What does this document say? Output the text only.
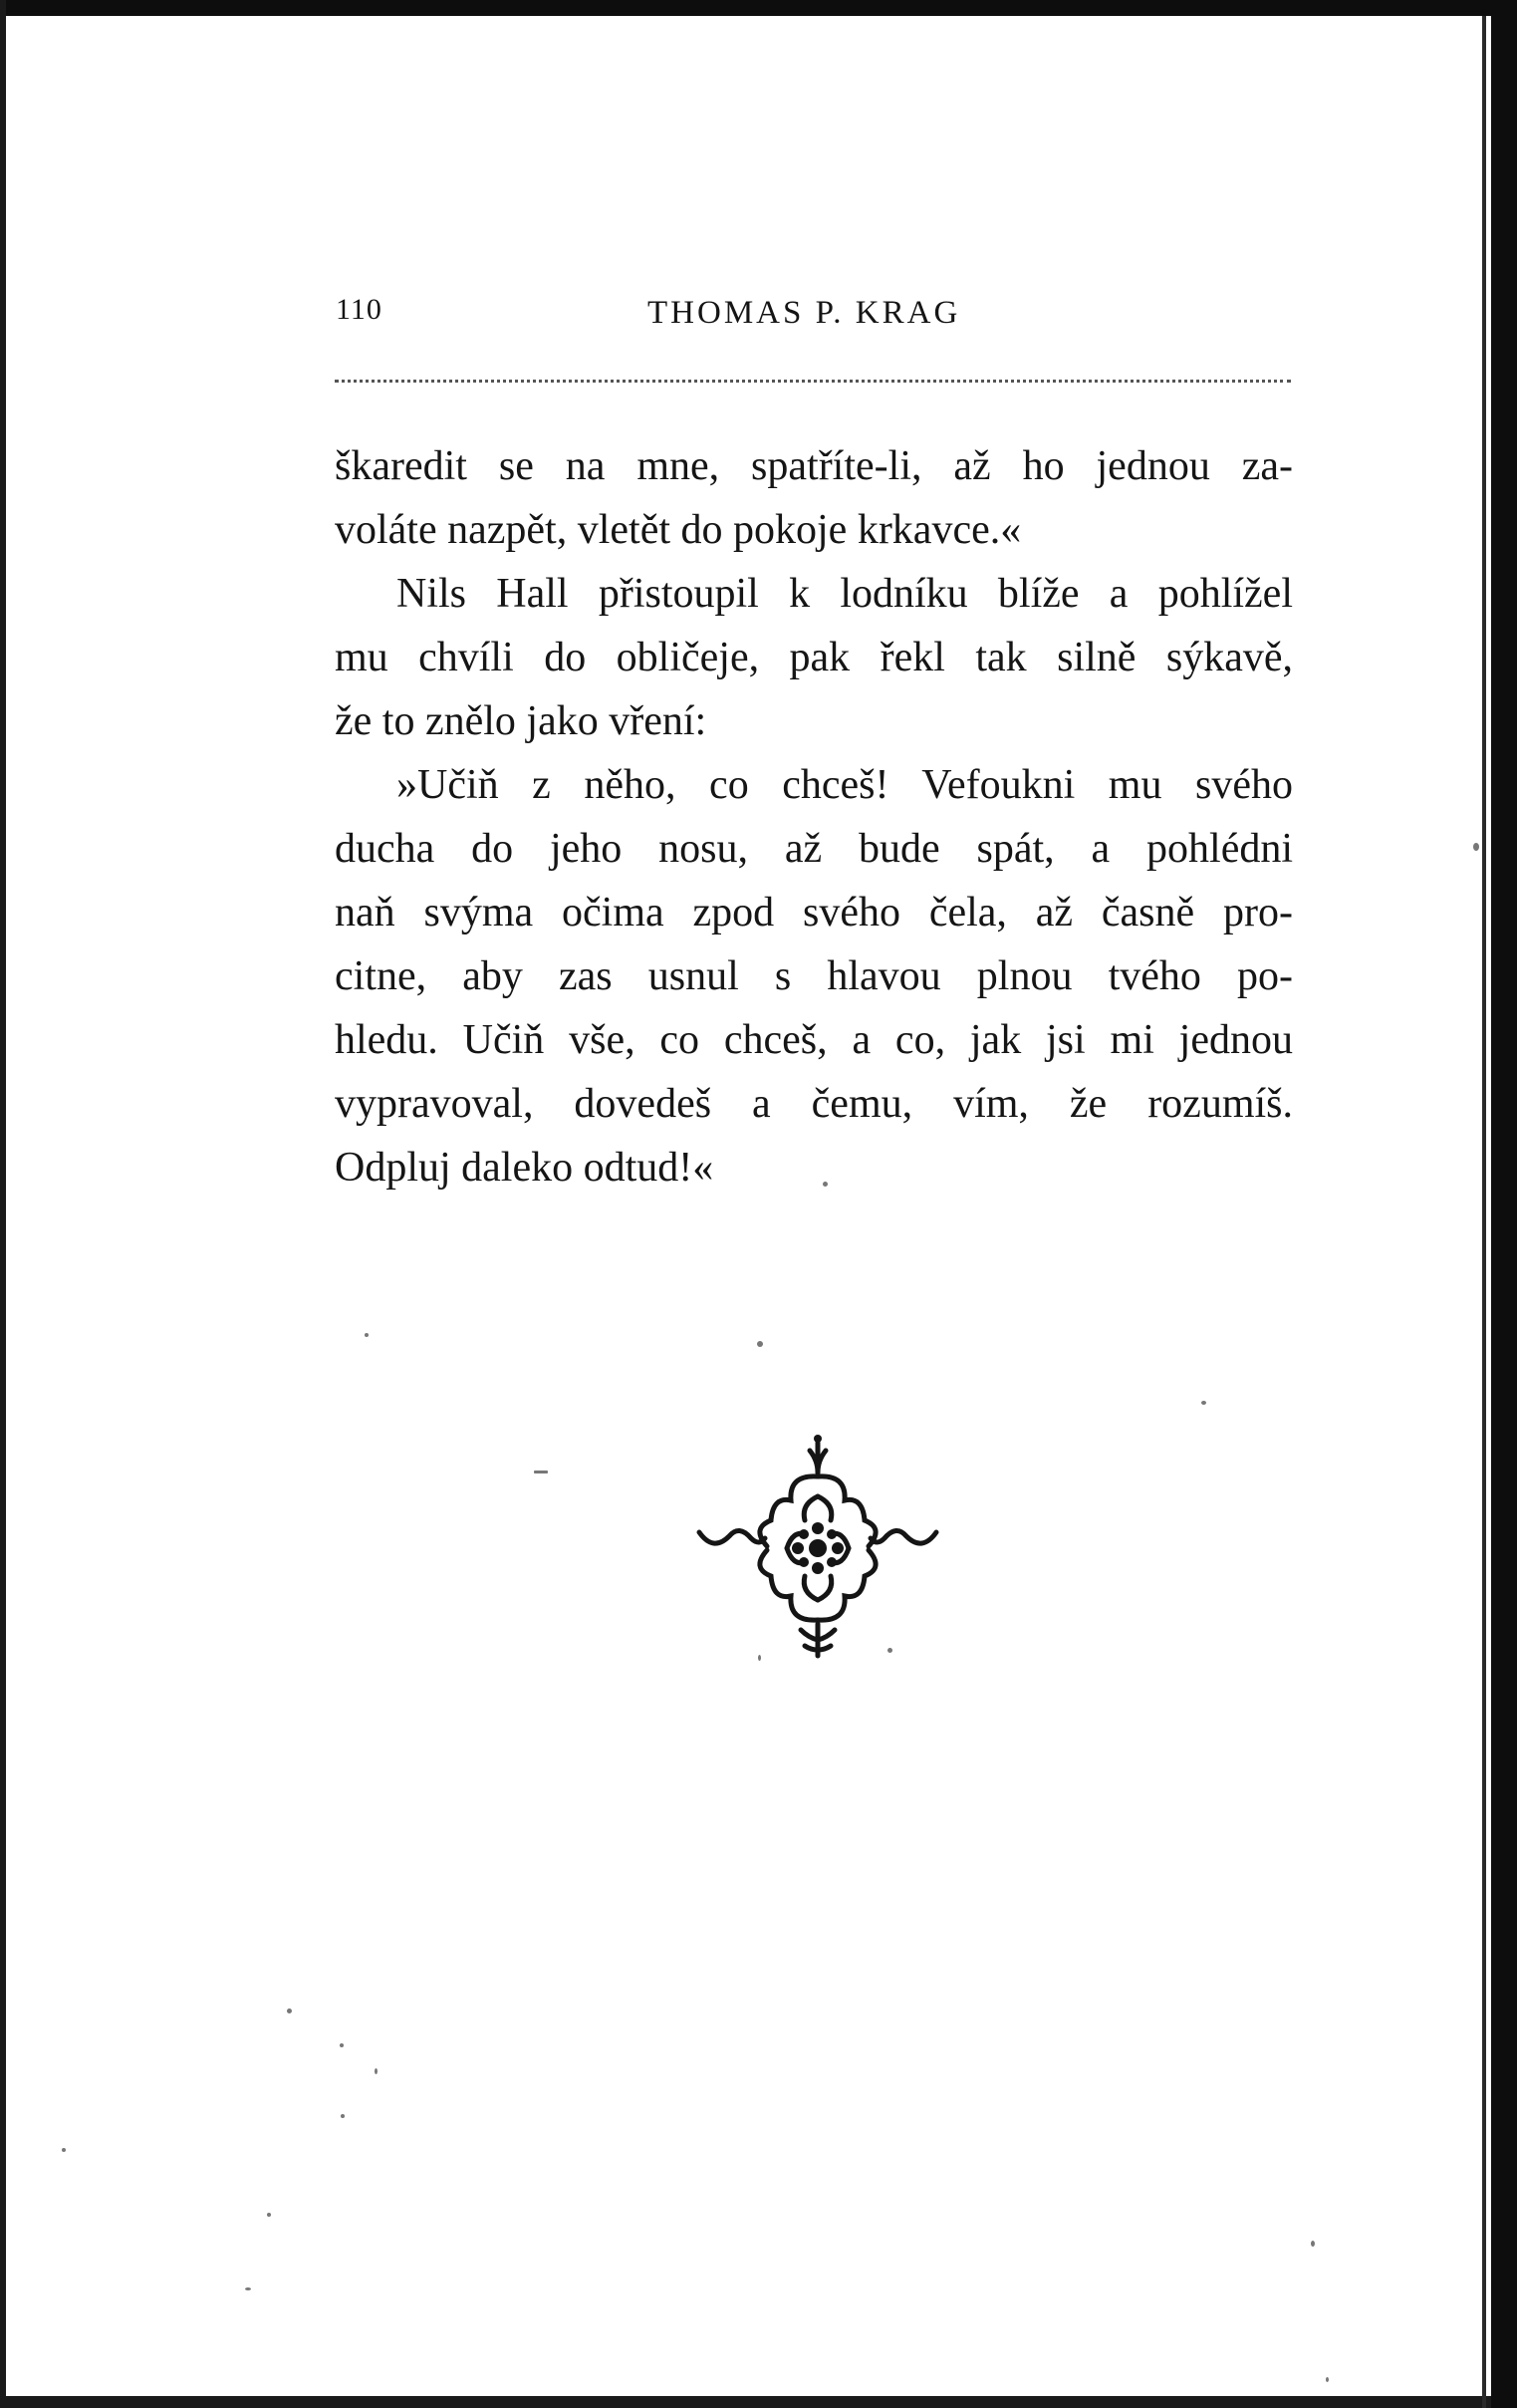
110	THOMAS P. KRAG
škaredit se na mne, spatříte-li, až ho jednou za-
voláte nazpět, vletět do pokoje krkavce.«
Nils Hall přistoupil k lodníku blíže a pohlížel
mu chvíli do obličeje, pak řekl tak silně sýkavě,
že to znělo jako vření:
»Učiň z něho, co chceš! Vefoukni mu svého
ducha do jeho nosu, až bude spát, a pohlédni
naň svýma očima zpod svého čela, až časně pro-
citne, aby zas usnul s hlavou plnou tvého po-
hledu. Učiň vše, co chceš, a co, jak jsi mi jednou
vypravoval, dovedeš a čemu, vím, že rozumíš.
Odpluj daleko odtud!«
